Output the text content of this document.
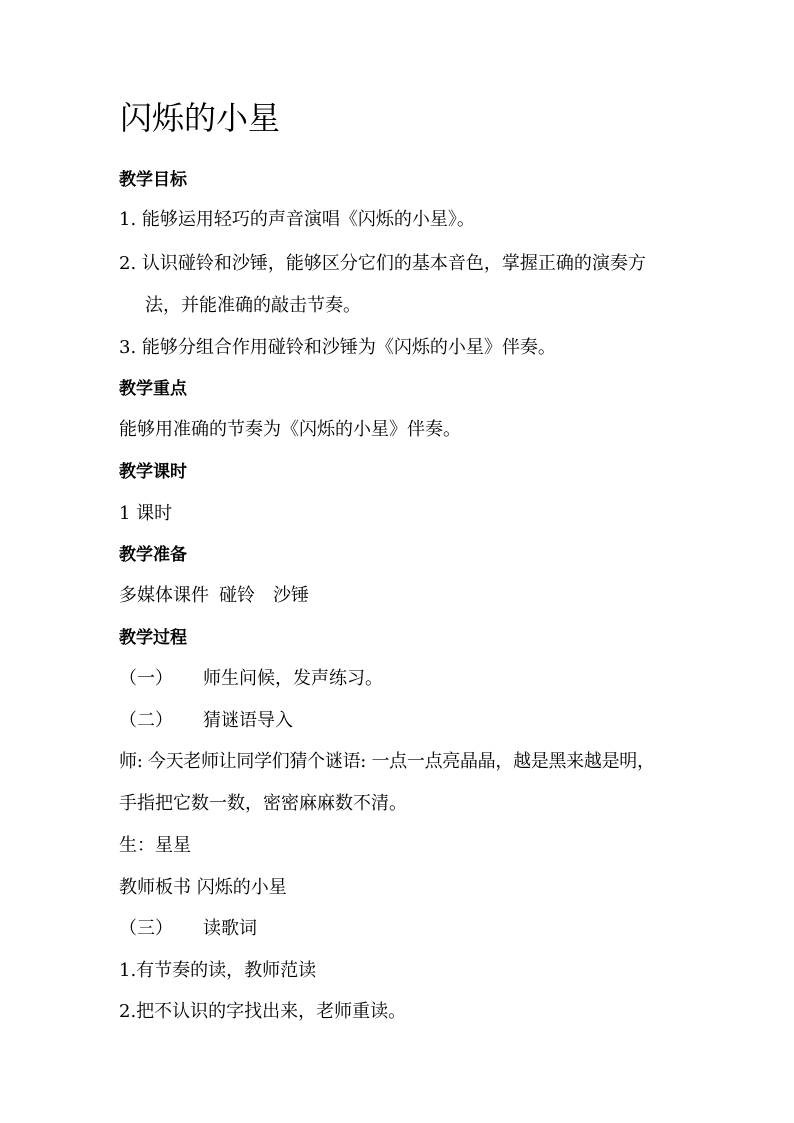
闪烁的小星
教学目标
1. 能够运用轻巧的声音演唱《闪烁的小星》。
2. 认识碰铃和沙锤，能够区分它们的基本音色，掌握正确的演奏方
法，并能准确的敲击节奏。
3. 能够分组合作用碰铃和沙锤为《闪烁的小星》伴奏。
教学重点
能够用准确的节奏为《闪烁的小星》伴奏。
教学课时
1 课时
教学准备
多媒体课件 碰铃 沙锤
教学过程
（一） 师生问候，发声练习。
（二） 猜谜语导入
师: 今天老师让同学们猜个谜语: 一点一点亮晶晶，越是黑来越是明，
手指把它数一数，密密麻麻数不清。
生：星星
教师板书 闪烁的小星
（三） 读歌词
1.有节奏的读，教师范读
2.把不认识的字找出来，老师重读。
